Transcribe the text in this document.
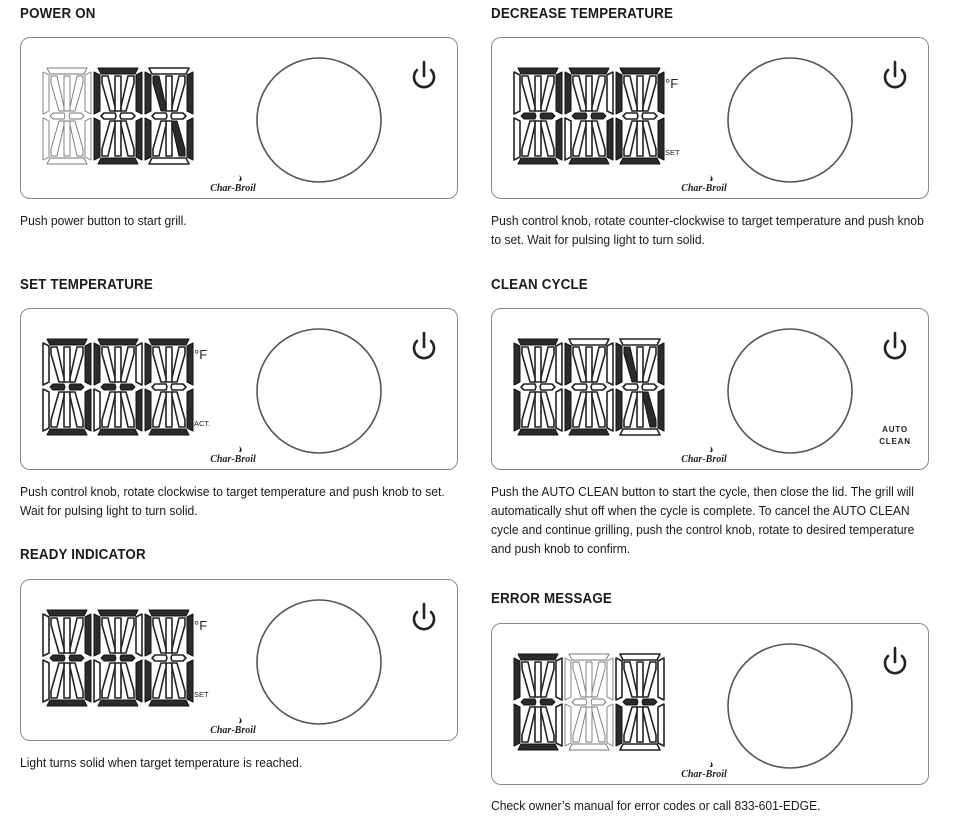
POWER ON
Char-Broil

Push power button to start grill.

DECREASE TEMPERATURE
°F
SET
Char-Broil

Push control knob, rotate counter-clockwise to target temperature and push knob to set. Wait for pulsing light to turn solid.

SET TEMPERATURE
°F
ACT.
Char-Broil

Push control knob, rotate clockwise to target temperature and push knob to set. Wait for pulsing light to turn solid.

CLEAN CYCLE
AUTO
CLEAN
Char-Broil

Push the AUTO CLEAN button to start the cycle, then close the lid. The grill will automatically shut off when the cycle is complete. To cancel the AUTO CLEAN cycle and continue grilling, push the control knob, rotate to desired temperature and push knob to confirm.

READY INDICATOR
°F
SET
Char-Broil

Light turns solid when target temperature is reached.

ERROR MESSAGE
Char-Broil

Check owner’s manual for error codes or call 833-601-EDGE.
